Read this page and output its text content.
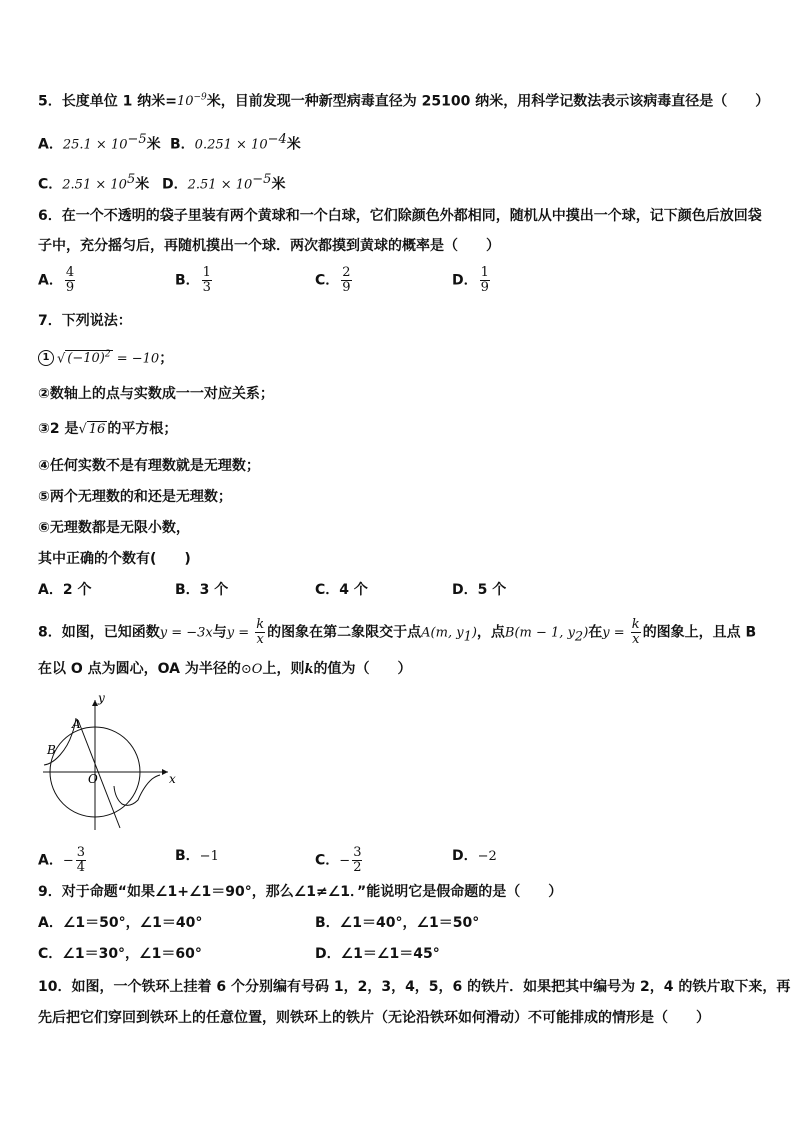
5．长度单位 1 纳米$=10^{-9}$米，目前发现一种新型病毒直径为 25100 纳米，用科学记数法表示该病毒直径是（　　）
A．$25.1 \times 10^{-5}$米 B．$0.251 \times 10^{-4}$米
C．$2.51 \times 10^5$米 D．$2.51 \times 10^{-5}$米
6．在一个不透明的袋子里装有两个黄球和一个白球，它们除颜色外都相同，随机从中摸出一个球，记下颜色后放回袋
子中，充分摇匀后，再随机摸出一个球．两次都摸到黄球的概率是（　　）
A． $\frac{4}{9}$	B． $\frac{1}{3}$	C． $\frac{2}{9}$	D． $\frac{1}{9}$
7．下列说法：
1 √ $(-10)^2 = -10$；
②数轴上的点与实数成一一对应关系；
③2 是√ 16 的平方根；
④任何实数不是有理数就是无理数；
⑤两个无理数的和还是无理数；
⑥无理数都是无限小数，
其中正确的个数有(　　)
A．2 个	B．3 个	C．4 个	D．5 个
8．如图，已知函数y = −3x与$y = \frac{k}{x}$ 的图象在第二象限交于点A(m, $y_1$)，点B(m − 1, $y_2$)在$y = \frac{k}{x}$ 的图象上，且点 B
在以 O 点为圆心，OA 为半径的⊙O上，则k的值为（　　）
y
x
A
B
O
A．− $\frac{3}{4}$	B．−1	C．− $\frac{3}{2}$	D．−2
9．对于命题“如果∠1+∠1＝90°，那么∠1≠∠1．”能说明它是假命题的是（　　）
A．∠1＝50°，∠1＝40°	B．∠1＝40°，∠1＝50°
C．∠1＝30°，∠1＝60°	D．∠1＝∠1＝45°
10．如图，一个铁环上挂着 6 个分别编有号码 1，2，3，4，5，6 的铁片．如果把其中编号为 2，4 的铁片取下来，再
先后把它们穿回到铁环上的任意位置，则铁环上的铁片（无论沿铁环如何滑动）不可能排成的情形是（　　）
